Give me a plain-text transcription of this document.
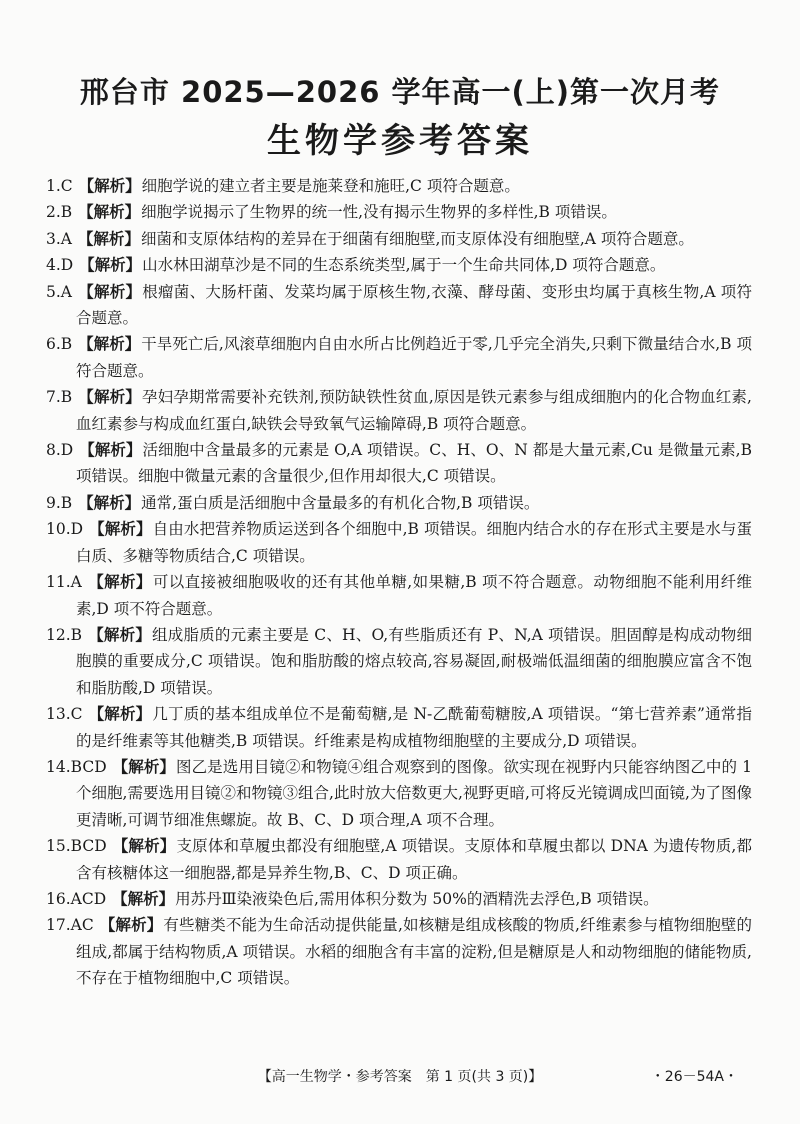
邢台市 2025—2026 学年高一(上)第一次月考
生物学参考答案

1.C 【解析】细胞学说的建立者主要是施莱登和施旺,C 项符合题意。

2.B 【解析】细胞学说揭示了生物界的统一性,没有揭示生物界的多样性,B 项错误。

3.A 【解析】细菌和支原体结构的差异在于细菌有细胞壁,而支原体没有细胞壁,A 项符合题意。

4.D 【解析】山水林田湖草沙是不同的生态系统类型,属于一个生命共同体,D 项符合题意。

5.A 【解析】根瘤菌、大肠杆菌、发菜均属于原核生物,衣藻、酵母菌、变形虫均属于真核生物,A 项符合题意。

6.B 【解析】干旱死亡后,风滚草细胞内自由水所占比例趋近于零,几乎完全消失,只剩下微量结合水,B 项符合题意。

7.B 【解析】孕妇孕期常需要补充铁剂,预防缺铁性贫血,原因是铁元素参与组成细胞内的化合物血红素,血红素参与构成血红蛋白,缺铁会导致氧气运输障碍,B 项符合题意。

8.D 【解析】活细胞中含量最多的元素是 O,A 项错误。C、H、O、N 都是大量元素,Cu 是微量元素,B 项错误。细胞中微量元素的含量很少,但作用却很大,C 项错误。

9.B 【解析】通常,蛋白质是活细胞中含量最多的有机化合物,B 项错误。

10.D 【解析】自由水把营养物质运送到各个细胞中,B 项错误。细胞内结合水的存在形式主要是水与蛋白质、多糖等物质结合,C 项错误。

11.A 【解析】可以直接被细胞吸收的还有其他单糖,如果糖,B 项不符合题意。动物细胞不能利用纤维素,D 项不符合题意。

12.B 【解析】组成脂质的元素主要是 C、H、O,有些脂质还有 P、N,A 项错误。胆固醇是构成动物细胞膜的重要成分,C 项错误。饱和脂肪酸的熔点较高,容易凝固,耐极端低温细菌的细胞膜应富含不饱和脂肪酸,D 项错误。

13.C 【解析】几丁质的基本组成单位不是葡萄糖,是 N-乙酰葡萄糖胺,A 项错误。“第七营养素”通常指的是纤维素等其他糖类,B 项错误。纤维素是构成植物细胞壁的主要成分,D 项错误。

14.BCD 【解析】图乙是选用目镜②和物镜④组合观察到的图像。欲实现在视野内只能容纳图乙中的 1 个细胞,需要选用目镜②和物镜③组合,此时放大倍数更大,视野更暗,可将反光镜调成凹面镜,为了图像更清晰,可调节细准焦螺旋。故 B、C、D 项合理,A 项不合理。

15.BCD 【解析】支原体和草履虫都没有细胞壁,A 项错误。支原体和草履虫都以 DNA 为遗传物质,都含有核糖体这一细胞器,都是异养生物,B、C、D 项正确。

16.ACD 【解析】用苏丹Ⅲ染液染色后,需用体积分数为 50%的酒精洗去浮色,B 项错误。

17.AC 【解析】有些糖类不能为生命活动提供能量,如核糖是组成核酸的物质,纤维素参与植物细胞壁的组成,都属于结构物质,A 项错误。水稻的细胞含有丰富的淀粉,但是糖原是人和动物细胞的储能物质,不存在于植物细胞中,C 项错误。

【高一生物学・参考答案　第 1 页(共 3 页)】	・26－54A・
